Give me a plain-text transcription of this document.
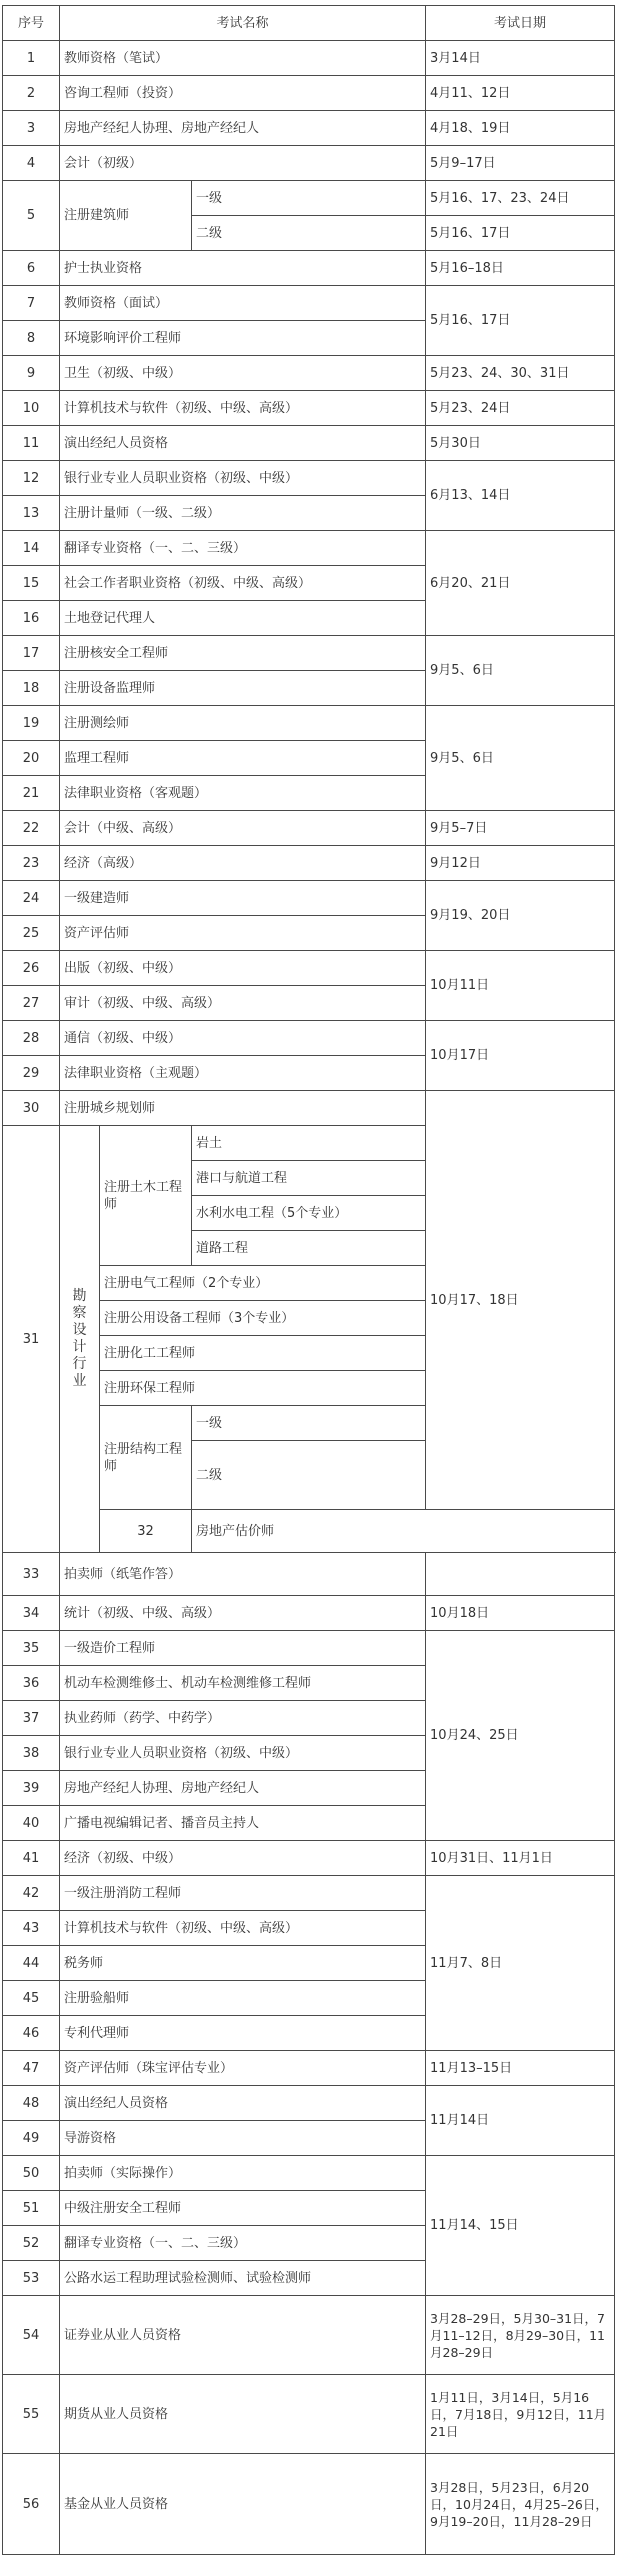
序号	考试名称			考试日期	
1	教师资格（笔试）			3月14日	
2	咨询工程师（投资）			4月11、12日	
3	房地产经纪人协理、房地产经纪人			4月18、19日	
4	会计（初级）			5月9–17日	
5	注册建筑师		一级	5月16、17、23、24日	
			二级	5月16、17日	
6	护士执业资格			5月16–18日	
7	教师资格（面试）			5月16、17日	
8	环境影响评价工程师				
9	卫生（初级、中级）			5月23、24、30、31日	
10	计算机技术与软件（初级、中级、高级）			5月23、24日	
11	演出经纪人员资格			5月30日	
12	银行业专业人员职业资格（初级、中级）			6月13、14日	
13	注册计量师（一级、二级）				
14	翻译专业资格（一、二、三级）			6月20、21日	
15	社会工作者职业资格（初级、中级、高级）				
16	土地登记代理人				
17	注册核安全工程师			9月5、6日	
18	注册设备监理师				
19	注册测绘师			9月5、6日	
20	监理工程师				
21	法律职业资格（客观题）				
22	会计（中级、高级）			9月5–7日	
23	经济（高级）			9月12日	
24	一级建造师			9月19、20日	
25	资产评估师				
26	出版（初级、中级）			10月11日	
27	审计（初级、中级、高级）				
28	通信（初级、中级）			10月17日	
29	法律职业资格（主观题）				
30	注册城乡规划师			10月17、18日	
31	勘察设计行业	注册土木工程师	岩土		
			港口与航道工程		
			水利水电工程（5个专业）		
			道路工程		
		注册电气工程师（2个专业）			
		注册公用设备工程师（3个专业）			
		注册化工工程师			
		注册环保工程师			
		注册结构工程师	一级		
			二级	
		32	房地产估价师	
33	拍卖师（纸笔作答）				
34	统计（初级、中级、高级）			10月18日	
35	一级造价工程师			10月24、25日	
36	机动车检测维修士、机动车检测维修工程师				
37	执业药师（药学、中药学）				
38	银行业专业人员职业资格（初级、中级）				
39	房地产经纪人协理、房地产经纪人				
40	广播电视编辑记者、播音员主持人				
41	经济（初级、中级）			10月31日、11月1日	
42	一级注册消防工程师			11月7、8日	
43	计算机技术与软件（初级、中级、高级）				
44	税务师				
45	注册验船师				
46	专利代理师				
47	资产评估师（珠宝评估专业）			11月13–15日	
48	演出经纪人员资格			11月14日	
49	导游资格				
50	拍卖师（实际操作）			11月14、15日	
51	中级注册安全工程师				
52	翻译专业资格（一、二、三级）				
53	公路水运工程助理试验检测师、试验检测师				
54	证券业从业人员资格			3月28–29日，5月30–31日，7月11–12日，8月29–30日，11月28–29日	
55	期货从业人员资格			1月11日，3月14日，5月16日，7月18日，9月12日，11月21日	
56	基金从业人员资格			3月28日，5月23日，6月20日，10月24日，4月25–26日，9月19–20日，11月28–29日	
